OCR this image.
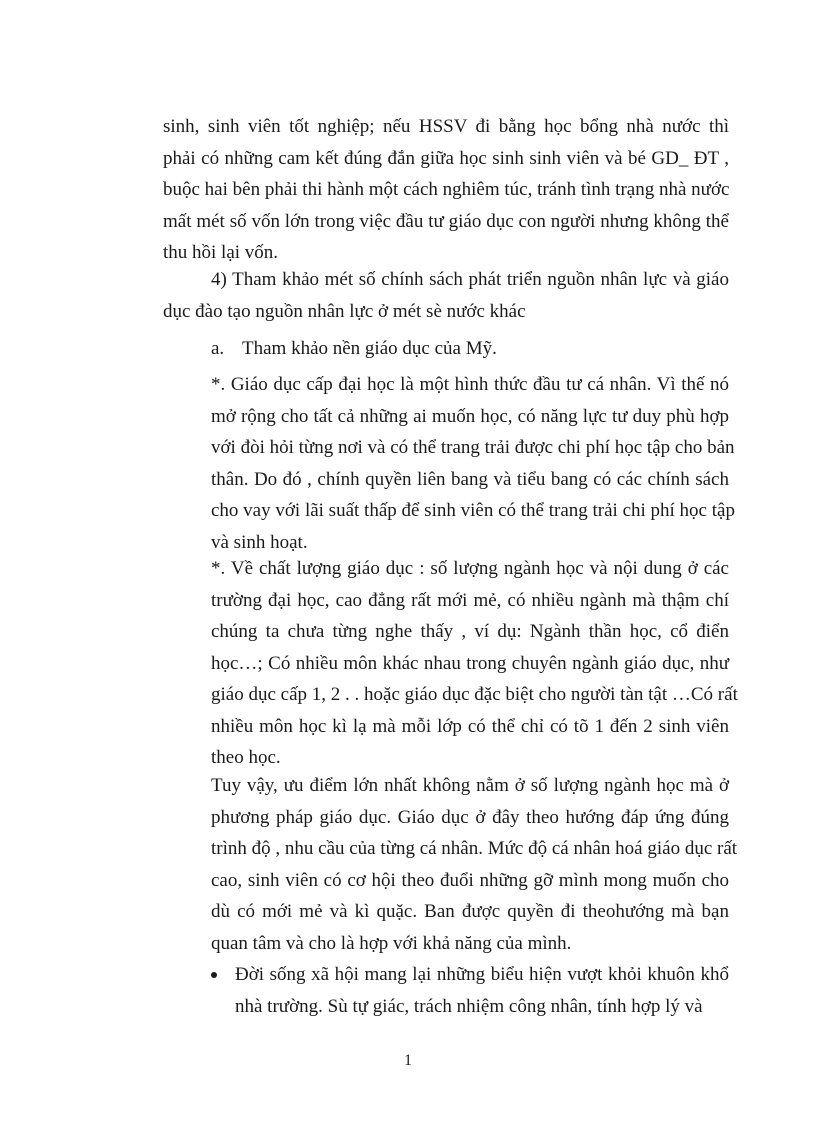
sinh, sinh viên tốt nghiệp; nếu HSSV đi bằng học bổng nhà nước thì
phải có những cam kết đúng đắn giữa học sinh sinh viên và bé GD_ ĐT ,
buộc hai bên phải thi hành một cách nghiêm túc, tránh tình trạng nhà nước
mất mét số vốn lớn trong việc đầu tư giáo dục con người nhưng không thể
thu hồi lại vốn.

4) Tham khảo mét số chính sách phát triển nguồn nhân lực và giáo
dục đào tạo nguồn nhân lực ở mét sè nước khác

a. Tham khảo nền giáo dục của Mỹ.

*. Giáo dục cấp đại học là một hình thức đầu tư cá nhân. Vì thế nó
mở rộng cho tất cả những ai muốn học, có năng lực tư duy phù hợp
với đòi hỏi từng nơi và có thể trang trải được chi phí học tập cho bản
thân. Do đó , chính quyền liên bang và tiểu bang có các chính sách
cho vay với lãi suất thấp để sinh viên có thể trang trải chi phí học tập
và sinh hoạt.

*. Về chất lượng giáo dục : số lượng ngành học và nội dung ở các
trường đại học, cao đẳng rất mới mẻ, có nhiều ngành mà thậm chí
chúng ta chưa từng nghe thấy , ví dụ: Ngành thần học, cổ điển
học…; Có nhiều môn khác nhau trong chuyên ngành giáo dục, như
giáo dục cấp 1, 2 . . hoặc giáo dục đặc biệt cho người tàn tật …Có rất
nhiều môn học kì lạ mà mỗi lớp có thể chỉ có tõ 1 đến 2 sinh viên
theo học.

Tuy vậy, ưu điểm lớn nhất không nằm ở số lượng ngành học mà ở
phương pháp giáo dục. Giáo dục ở đây theo hướng đáp ứng đúng
trình độ , nhu cầu của từng cá nhân. Mức độ cá nhân hoá giáo dục rất
cao, sinh viên có cơ hội theo đuổi những gỡ mình mong muốn cho
dù có mới mẻ và kì quặc. Ban được quyền đi theohướng mà bạn
quan tâm và cho là hợp với khả năng của mình.

Đời sống xã hội mang lại những biểu hiện vượt khỏi khuôn khổ
nhà trường. Sù tự giác, trách nhiệm công nhân, tính hợp lý và

1
